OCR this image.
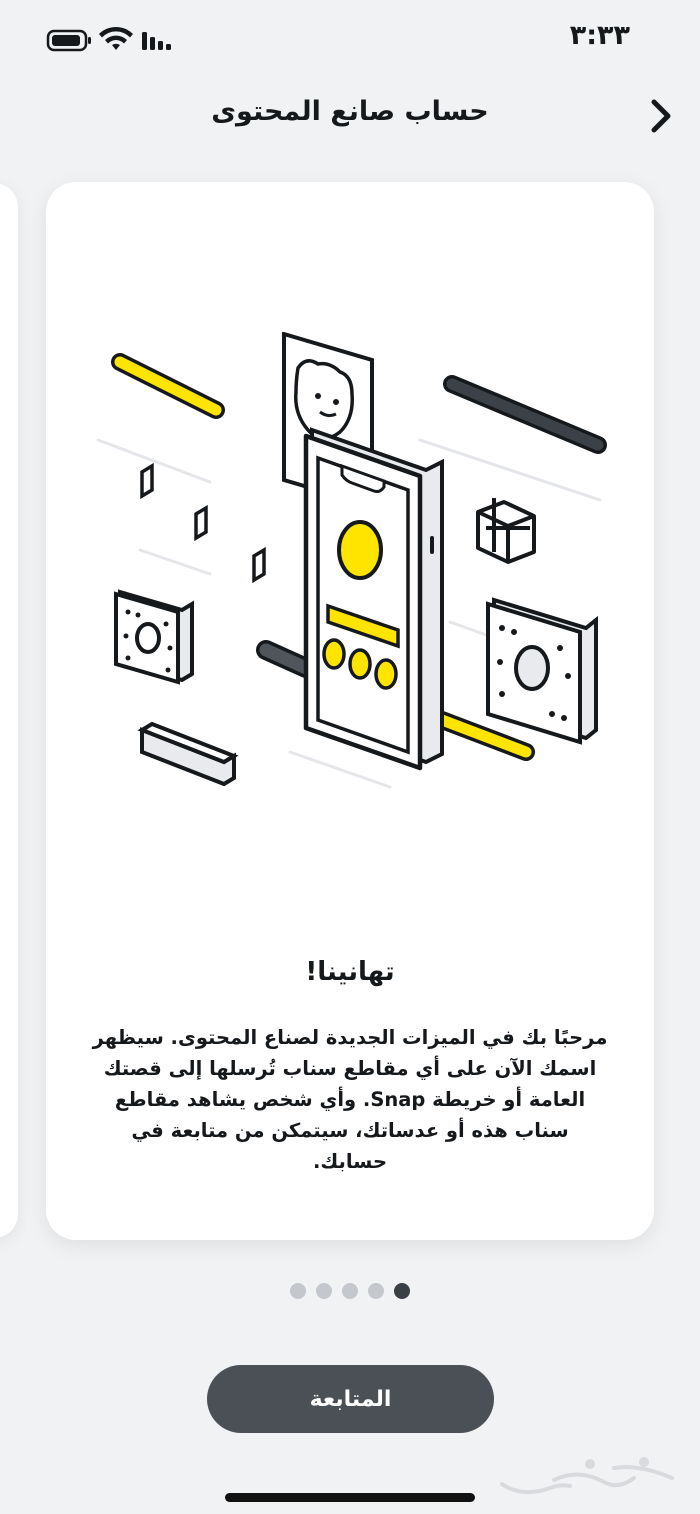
٣:٣٣
حساب صانع المحتوى
تهانينا!
مرحبًا بك في الميزات الجديدة لصناع المحتوى. سيظهر اسمك الآن على أي مقاطع سناب تُرسلها إلى قصتك العامة أو خريطة Snap. وأي شخص يشاهد مقاطع سناب هذه أو عدساتك، سيتمكن من متابعة في حسابك.
المتابعة
